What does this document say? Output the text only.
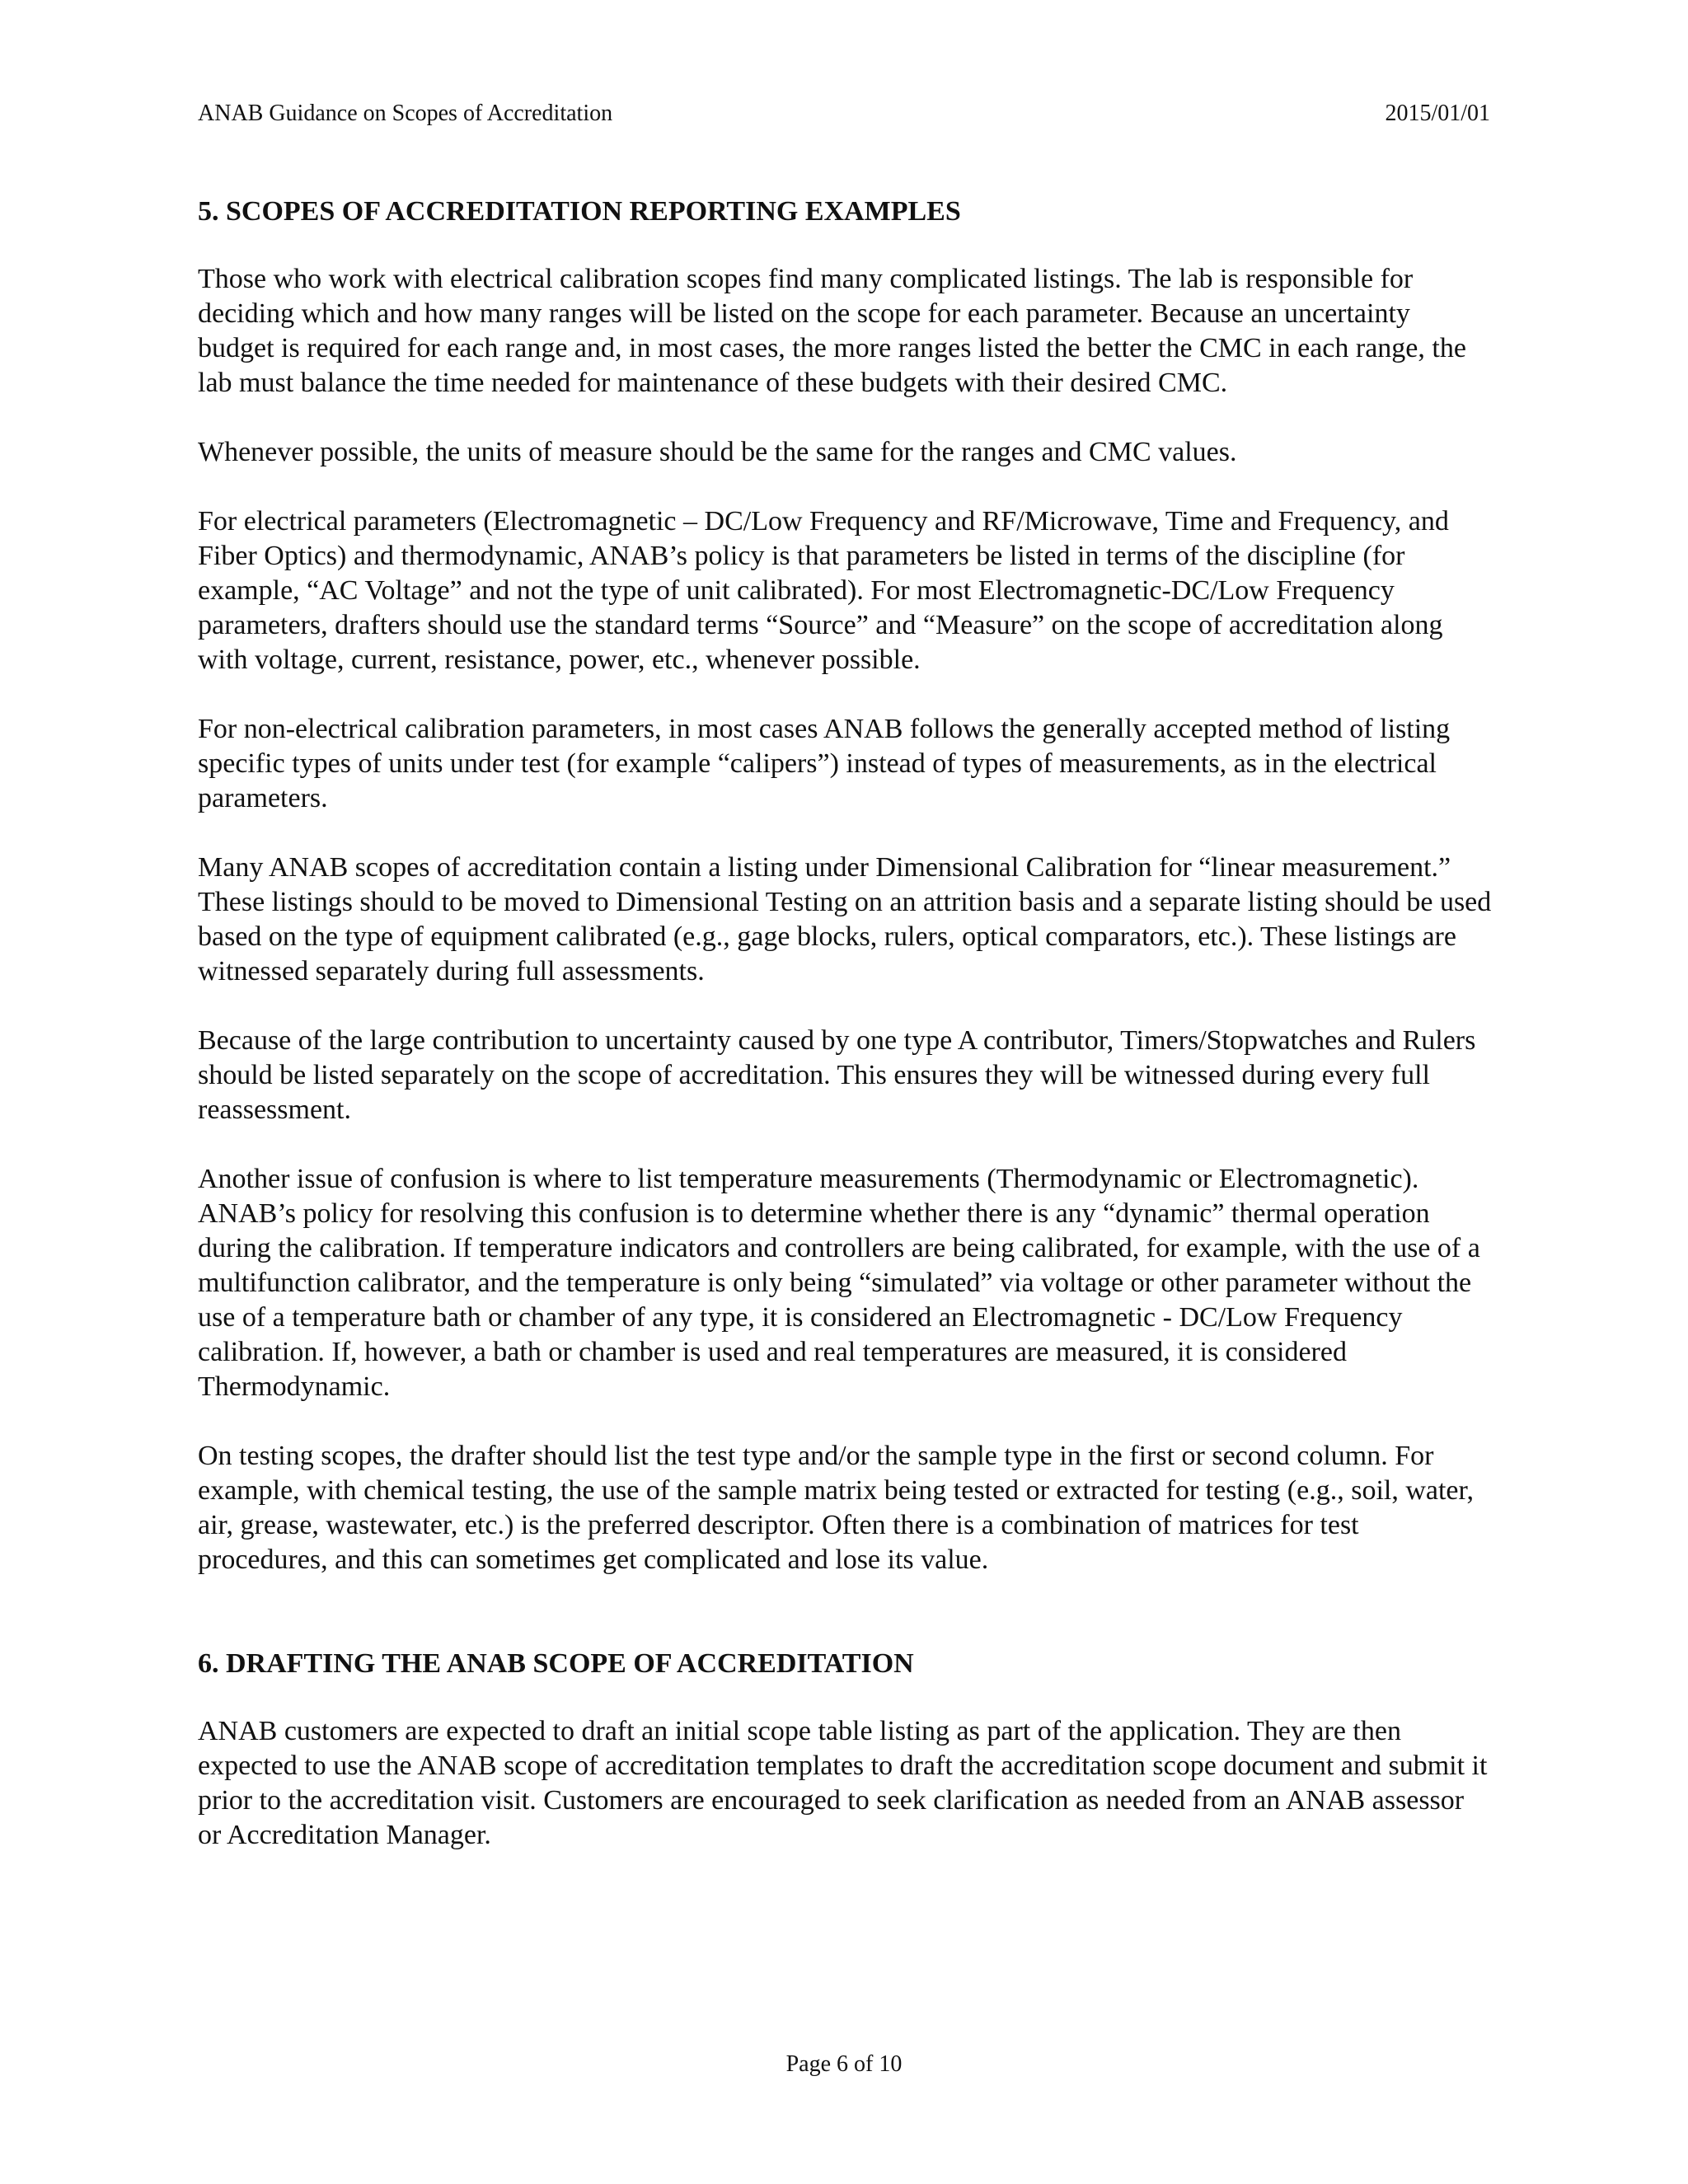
ANAB Guidance on Scopes of Accreditation	2015/01/01
5. SCOPES OF ACCREDITATION REPORTING EXAMPLES

Those who work with electrical calibration scopes find many complicated listings. The lab is responsible for deciding which and how many ranges will be listed on the scope for each parameter. Because an uncertainty budget is required for each range and, in most cases, the more ranges listed the better the CMC in each range, the lab must balance the time needed for maintenance of these budgets with their desired CMC.

Whenever possible, the units of measure should be the same for the ranges and CMC values.

For electrical parameters (Electromagnetic – DC/Low Frequency and RF/Microwave, Time and Frequency, and Fiber Optics) and thermodynamic, ANAB’s policy is that parameters be listed in terms of the discipline (for example, “AC Voltage” and not the type of unit calibrated). For most Electromagnetic-DC/Low Frequency parameters, drafters should use the standard terms “Source” and “Measure” on the scope of accreditation along with voltage, current, resistance, power, etc., whenever possible.

For non-electrical calibration parameters, in most cases ANAB follows the generally accepted method of listing specific types of units under test (for example “calipers”) instead of types of measurements, as in the electrical parameters.

Many ANAB scopes of accreditation contain a listing under Dimensional Calibration for “linear measurement.” These listings should to be moved to Dimensional Testing on an attrition basis and a separate listing should be used based on the type of equipment calibrated (e.g., gage blocks, rulers, optical comparators, etc.). These listings are witnessed separately during full assessments.

Because of the large contribution to uncertainty caused by one type A contributor, Timers/Stopwatches and Rulers should be listed separately on the scope of accreditation. This ensures they will be witnessed during every full reassessment.

Another issue of confusion is where to list temperature measurements (Thermodynamic or Electromagnetic). ANAB’s policy for resolving this confusion is to determine whether there is any “dynamic” thermal operation during the calibration. If temperature indicators and controllers are being calibrated, for example, with the use of a multifunction calibrator, and the temperature is only being “simulated” via voltage or other parameter without the use of a temperature bath or chamber of any type, it is considered an Electromagnetic - DC/Low Frequency calibration. If, however, a bath or chamber is used and real temperatures are measured, it is considered Thermodynamic.

On testing scopes, the drafter should list the test type and/or the sample type in the first or second column. For example, with chemical testing, the use of the sample matrix being tested or extracted for testing (e.g., soil, water, air, grease, wastewater, etc.) is the preferred descriptor. Often there is a combination of matrices for test procedures, and this can sometimes get complicated and lose its value.

6. DRAFTING THE ANAB SCOPE OF ACCREDITATION

ANAB customers are expected to draft an initial scope table listing as part of the application. They are then expected to use the ANAB scope of accreditation templates to draft the accreditation scope document and submit it prior to the accreditation visit. Customers are encouraged to seek clarification as needed from an ANAB assessor or Accreditation Manager.

Page 6 of 10
